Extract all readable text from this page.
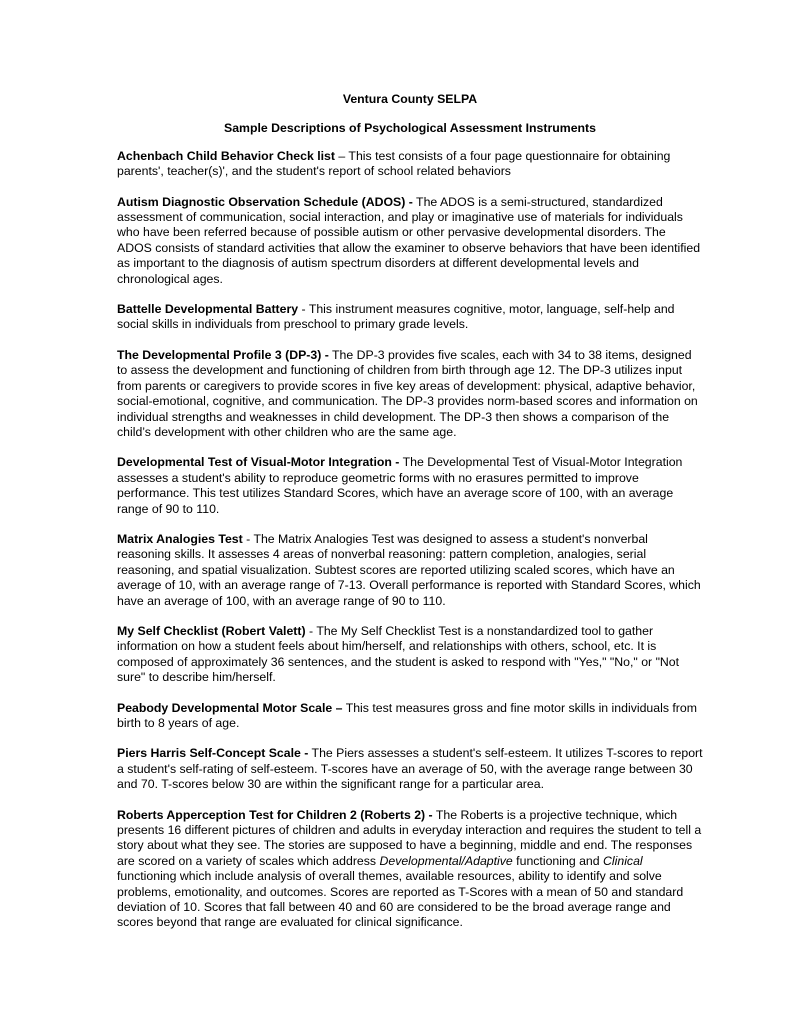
Ventura County SELPA
Sample Descriptions of Psychological Assessment Instruments
Achenbach Child Behavior Check list – This test consists of a four page questionnaire for obtaining parents', teacher(s)', and the student's report of school related behaviors
Autism Diagnostic Observation Schedule (ADOS) - The ADOS is a semi-structured, standardized assessment of communication, social interaction, and play or imaginative use of materials for individuals who have been referred because of possible autism or other pervasive developmental disorders. The ADOS consists of standard activities that allow the examiner to observe behaviors that have been identified as important to the diagnosis of autism spectrum disorders at different developmental levels and chronological ages.
Battelle Developmental Battery - This instrument measures cognitive, motor, language, self-help and social skills in individuals from preschool to primary grade levels.
The Developmental Profile 3 (DP-3) - The DP-3 provides five scales, each with 34 to 38 items, designed to assess the development and functioning of children from birth through age 12. The DP-3 utilizes input from parents or caregivers to provide scores in five key areas of development: physical, adaptive behavior, social-emotional, cognitive, and communication. The DP-3 provides norm-based scores and information on individual strengths and weaknesses in child development. The DP-3 then shows a comparison of the child’s development with other children who are the same age.
Developmental Test of Visual-Motor Integration - The Developmental Test of Visual-Motor Integration assesses a student's ability to reproduce geometric forms with no erasures permitted to improve performance. This test utilizes Standard Scores, which have an average score of 100, with an average range of 90 to 110.
Matrix Analogies Test - The Matrix Analogies Test was designed to assess a student's nonverbal reasoning skills. It assesses 4 areas of nonverbal reasoning: pattern completion, analogies, serial reasoning, and spatial visualization. Subtest scores are reported utilizing scaled scores, which have an average of 10, with an average range of 7-13. Overall performance is reported with Standard Scores, which have an average of 100, with an average range of 90 to 110.
My Self Checklist (Robert Valett) - The My Self Checklist Test is a nonstandardized tool to gather information on how a student feels about him/herself, and relationships with others, school, etc. It is composed of approximately 36 sentences, and the student is asked to respond with "Yes," "No," or "Not sure" to describe him/herself.
Peabody Developmental Motor Scale – This test measures gross and fine motor skills in individuals from birth to 8 years of age.
Piers Harris Self-Concept Scale - The Piers assesses a student's self-esteem. It utilizes T-scores to report a student's self-rating of self-esteem. T-scores have an average of 50, with the average range between 30 and 70. T-scores below 30 are within the significant range for a particular area.
Roberts Apperception Test for Children 2 (Roberts 2) - The Roberts is a projective technique, which presents 16 different pictures of children and adults in everyday interaction and requires the student to tell a story about what they see. The stories are supposed to have a beginning, middle and end. The responses are scored on a variety of scales which address Developmental/Adaptive functioning and Clinical functioning which include analysis of overall themes, available resources, ability to identify and solve problems, emotionality, and outcomes. Scores are reported as T-Scores with a mean of 50 and standard deviation of 10. Scores that fall between 40 and 60 are considered to be the broad average range and scores beyond that range are evaluated for clinical significance.
